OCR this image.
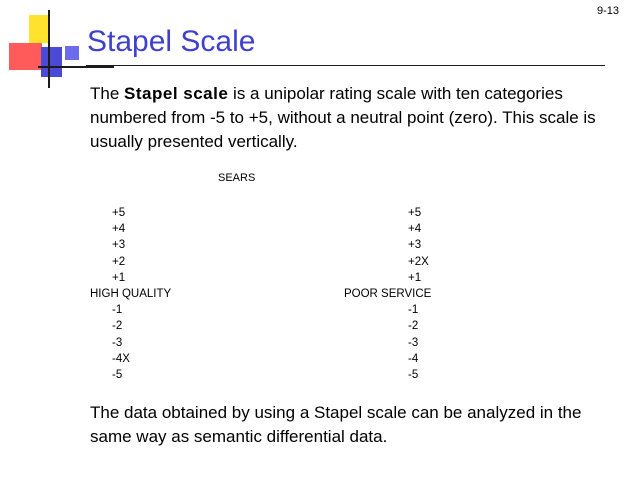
9-13
Stapel Scale

The Stapel scale is a unipolar rating scale with ten categories numbered from -5 to +5, without a neutral point (zero). This scale is usually presented vertically.

SEARS
+5
+4
+3
+2
+1
HIGH QUALITY
-1
-2
-3
-4X
-5
+5
+4
+3
+2X
+1
POOR SERVICE
-1
-2
-3
-4
-5

The data obtained by using a Stapel scale can be analyzed in the same way as semantic differential data.
